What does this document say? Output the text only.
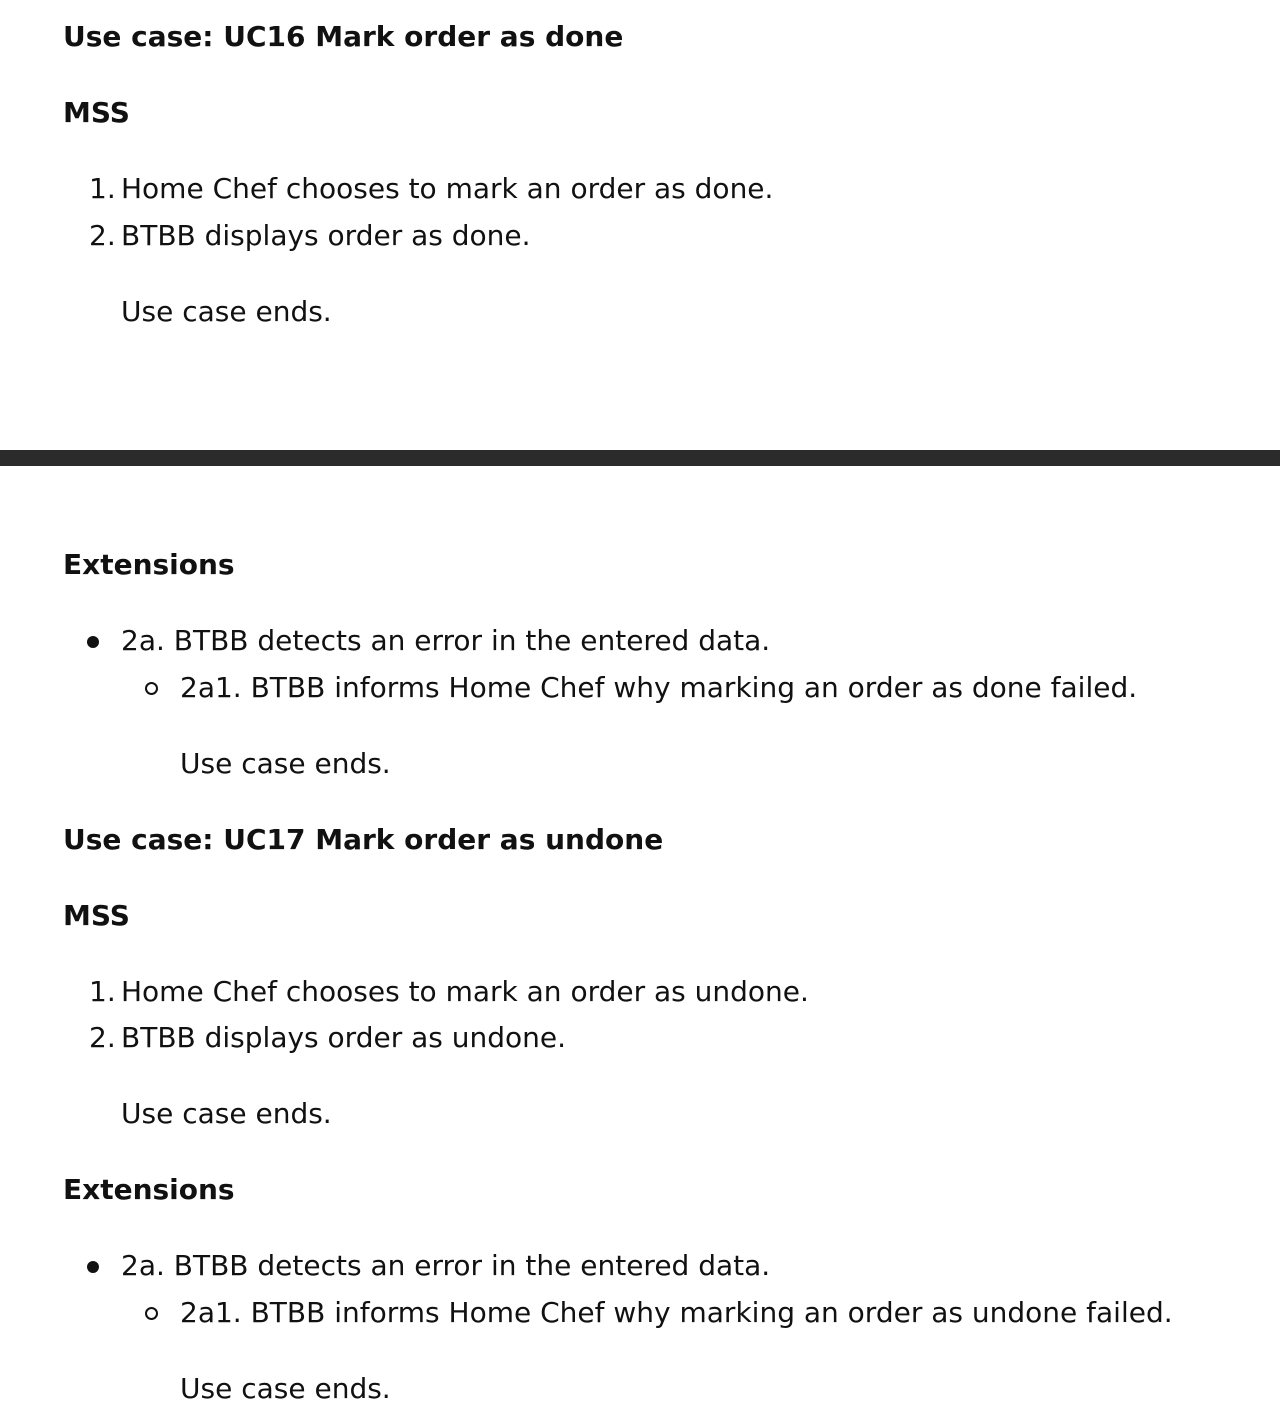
Use case: UC16 Mark order as done
MSS
1. Home Chef chooses to mark an order as done.
2. BTBB displays order as done.

Use case ends.

Extensions
2a. BTBB detects an error in the entered data.
2a1. BTBB informs Home Chef why marking an order as done failed.

Use case ends.

Use case: UC17 Mark order as undone
MSS
1. Home Chef chooses to mark an order as undone.
2. BTBB displays order as undone.

Use case ends.

Extensions
2a. BTBB detects an error in the entered data.
2a1. BTBB informs Home Chef why marking an order as undone failed.

Use case ends.
